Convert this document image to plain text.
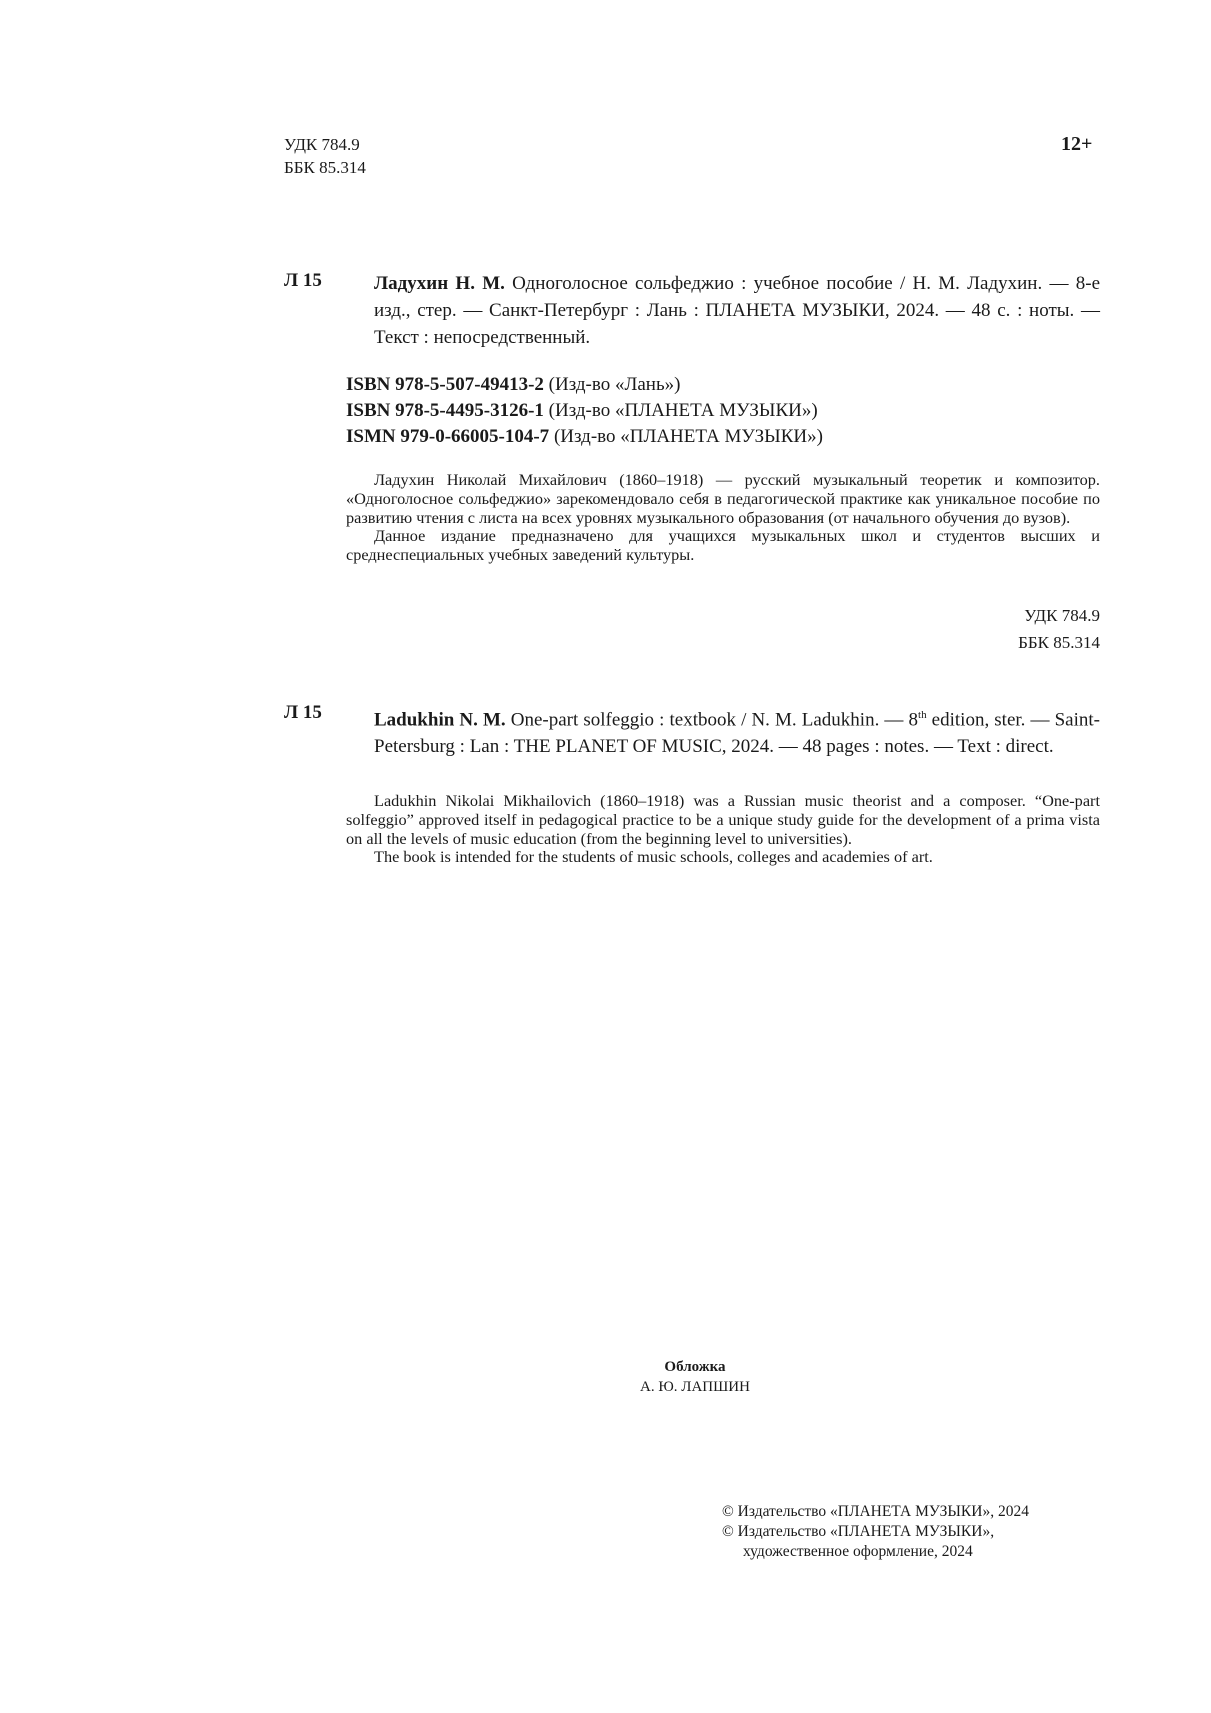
УДК 784.9
ББК 85.314
12+
Л 15	Ладухин Н. М. Одноголосное сольфеджио : учебное пособие / Н. М. Ладухин. — 8-е изд., стер. — Санкт-Петербург : Лань : ПЛАНЕТА МУЗЫКИ, 2024. — 48 с. : ноты. — Текст : непосредственный.
ISBN 978-5-507-49413-2 (Изд-во «Лань»)
ISBN 978-5-4495-3126-1 (Изд-во «ПЛАНЕТА МУЗЫКИ»)
ISMN 979-0-66005-104-7 (Изд-во «ПЛАНЕТА МУЗЫКИ»)

Ладухин Николай Михайлович (1860–1918) — русский музыкальный теоретик и композитор. «Одноголосное сольфеджио» зарекомендовало себя в педагогической практике как уникальное пособие по развитию чтения с листа на всех уровнях музыкального образования (от начального обучения до вузов).

Данное издание предназначено для учащихся музыкальных школ и студентов высших и среднеспециальных учебных заведений культуры.

УДК 784.9
ББК 85.314
Л 15	Ladukhin N. M. One-part solfeggio : textbook / N. M. Ladukhin. — 8th edition, ster. — Saint-Petersburg : Lan : THE PLANET OF MUSIC, 2024. — 48 pages : notes. — Text : direct.

Ladukhin Nikolai Mikhailovich (1860–1918) was a Russian music theorist and a composer. “One-part solfeggio” approved itself in pedagogical practice to be a unique study guide for the development of a prima vista on all the levels of music education (from the beginning level to universities).

The book is intended for the students of music schools, colleges and academies of art.

Обложка
А. Ю. ЛАПШИН
© Издательство «ПЛАНЕТА МУЗЫКИ», 2024
© Издательство «ПЛАНЕТА МУЗЫКИ»,
художественное оформление, 2024
